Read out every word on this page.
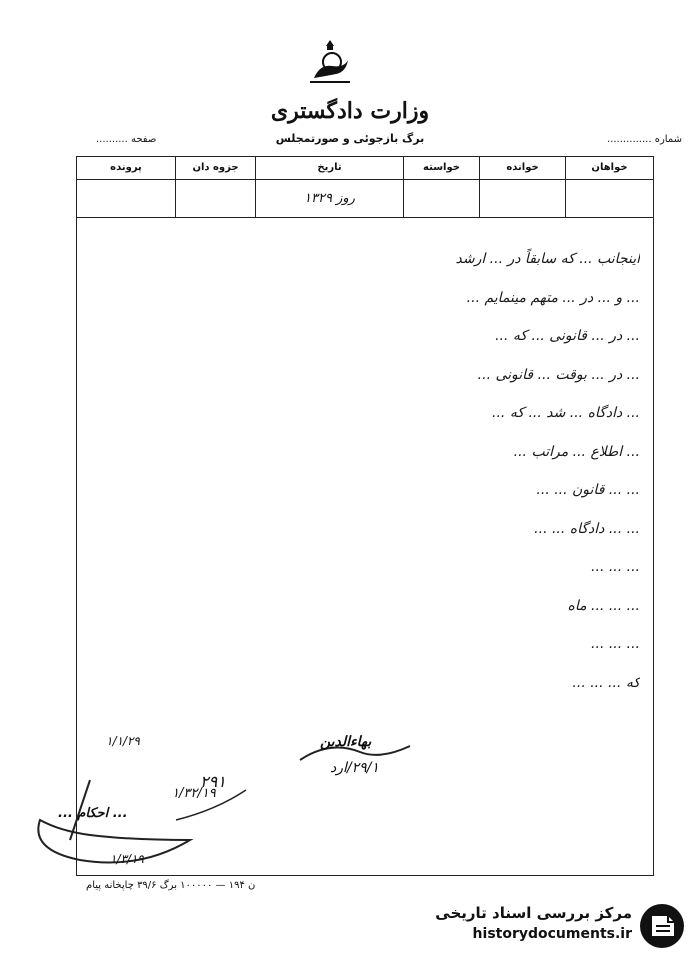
وزارت دادگستری
برگ بازجوئی و صورتمجلس
صفحه ..........	شماره ..............
خواهان
خوانده
خواسته
تاریخ
روز ۱۳۲۹
جزوه دان
پرونده
اینجانب ... که سابقاً در ... ارشد
... و ... در ... متهم مینمایم ...
... در ... قانونی ... که ...
... در ... بوقت ... قانونی ...
... دادگاه ... شد ... که ...
... اطلاع ... مراتب ...
... ... قانون ... ...
... ... دادگاه ... ...
... ... ...
... ... ... ماه
... ... ...
که ... ... ...
بهاءالدین
۲۹/۱/ارد
۱/۱/۲۹
۲۹۱
۱/۳۲/۱۹
... احکام ...
۱/۳/۱۹
ن ۱۹۴ — ۱۰۰۰۰۰ برگ ۳۹/۶ چاپخانه پیام
مرکز بررسی اسناد تاریخی
historydocuments.ir
